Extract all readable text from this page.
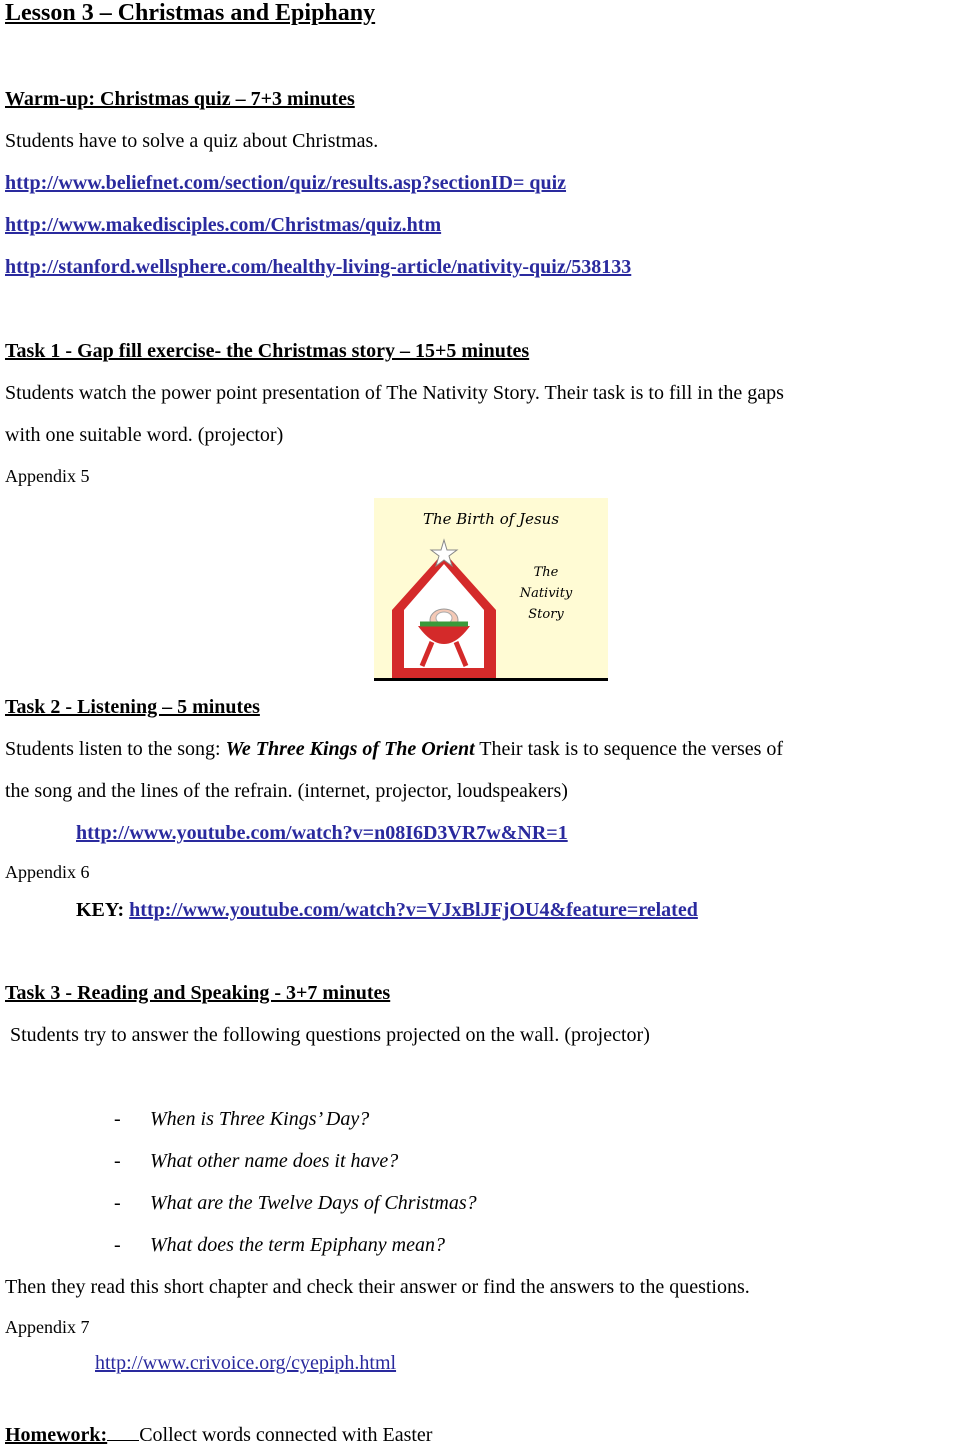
Lesson 3 – Christmas and Epiphany
Warm-up: Christmas quiz – 7+3 minutes
Students have to solve a quiz about Christmas.
http://www.beliefnet.com/section/quiz/results.asp?sectionID= quiz
http://www.makedisciples.com/Christmas/quiz.htm
http://stanford.wellsphere.com/healthy-living-article/nativity-quiz/538133
Task 1 - Gap fill exercise- the Christmas story – 15+5 minutes
Students watch the power point presentation of The Nativity Story. Their task is to fill in the gaps
with one suitable word. (projector)
Appendix 5
The Birth of Jesus
The
Nativity
Story
Task 2 - Listening – 5 minutes
Students listen to the song: We Three Kings of The Orient Their task is to sequence the verses of
the song and the lines of the refrain. (internet, projector, loudspeakers)
http://www.youtube.com/watch?v=n08I6D3VR7w&NR=1
Appendix 6
KEY: http://www.youtube.com/watch?v=VJxBlJFjOU4&feature=related
Task 3 - Reading and Speaking - 3+7 minutes
Students try to answer the following questions projected on the wall. (projector)
- When is Three Kings’ Day?
- What other name does it have?
- What are the Twelve Days of Christmas?
- What does the term Epiphany mean?
Then they read this short chapter and check their answer or find the answers to the questions.
Appendix 7
http://www.crivoice.org/cyepiph.html
Homework: Collect words connected with Easter
